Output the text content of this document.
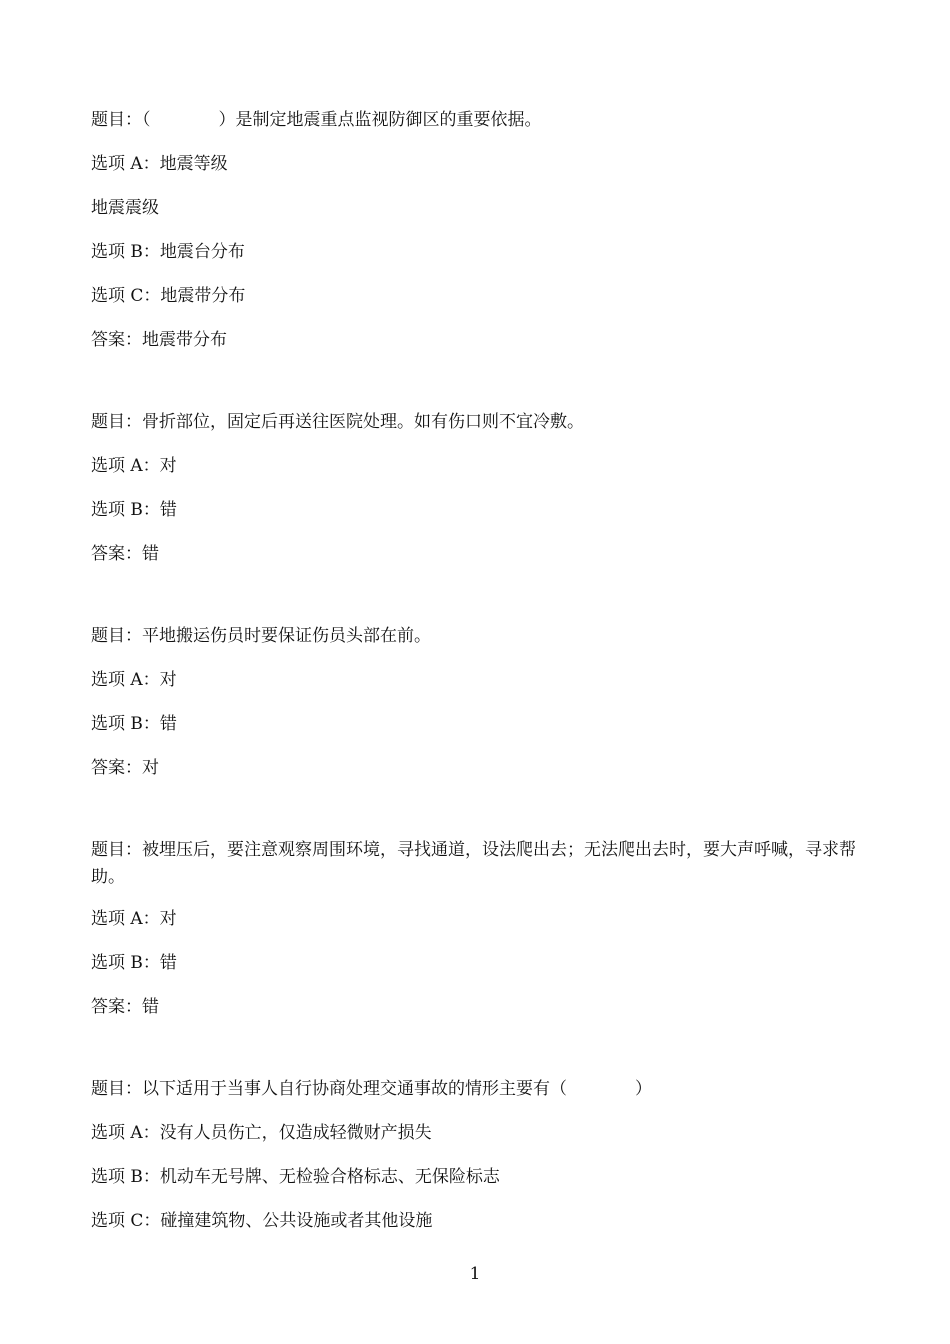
题目：（　　　　）是制定地震重点监视防御区的重要依据。
选项 A：地震等级
地震震级
选项 B：地震台分布
选项 C：地震带分布
答案：地震带分布
题目：骨折部位，固定后再送往医院处理。如有伤口则不宜冷敷。
选项 A：对
选项 B：错
答案：错
题目：平地搬运伤员时要保证伤员头部在前。
选项 A：对
选项 B：错
答案：对
题目：被埋压后，要注意观察周围环境，寻找通道，设法爬出去；无法爬出去时，要大声呼喊，寻求帮助。
选项 A：对
选项 B：错
答案：错
题目：以下适用于当事人自行协商处理交通事故的情形主要有（　　　　）
选项 A：没有人员伤亡，仅造成轻微财产损失
选项 B：机动车无号牌、无检验合格标志、无保险标志
选项 C：碰撞建筑物、公共设施或者其他设施
1
